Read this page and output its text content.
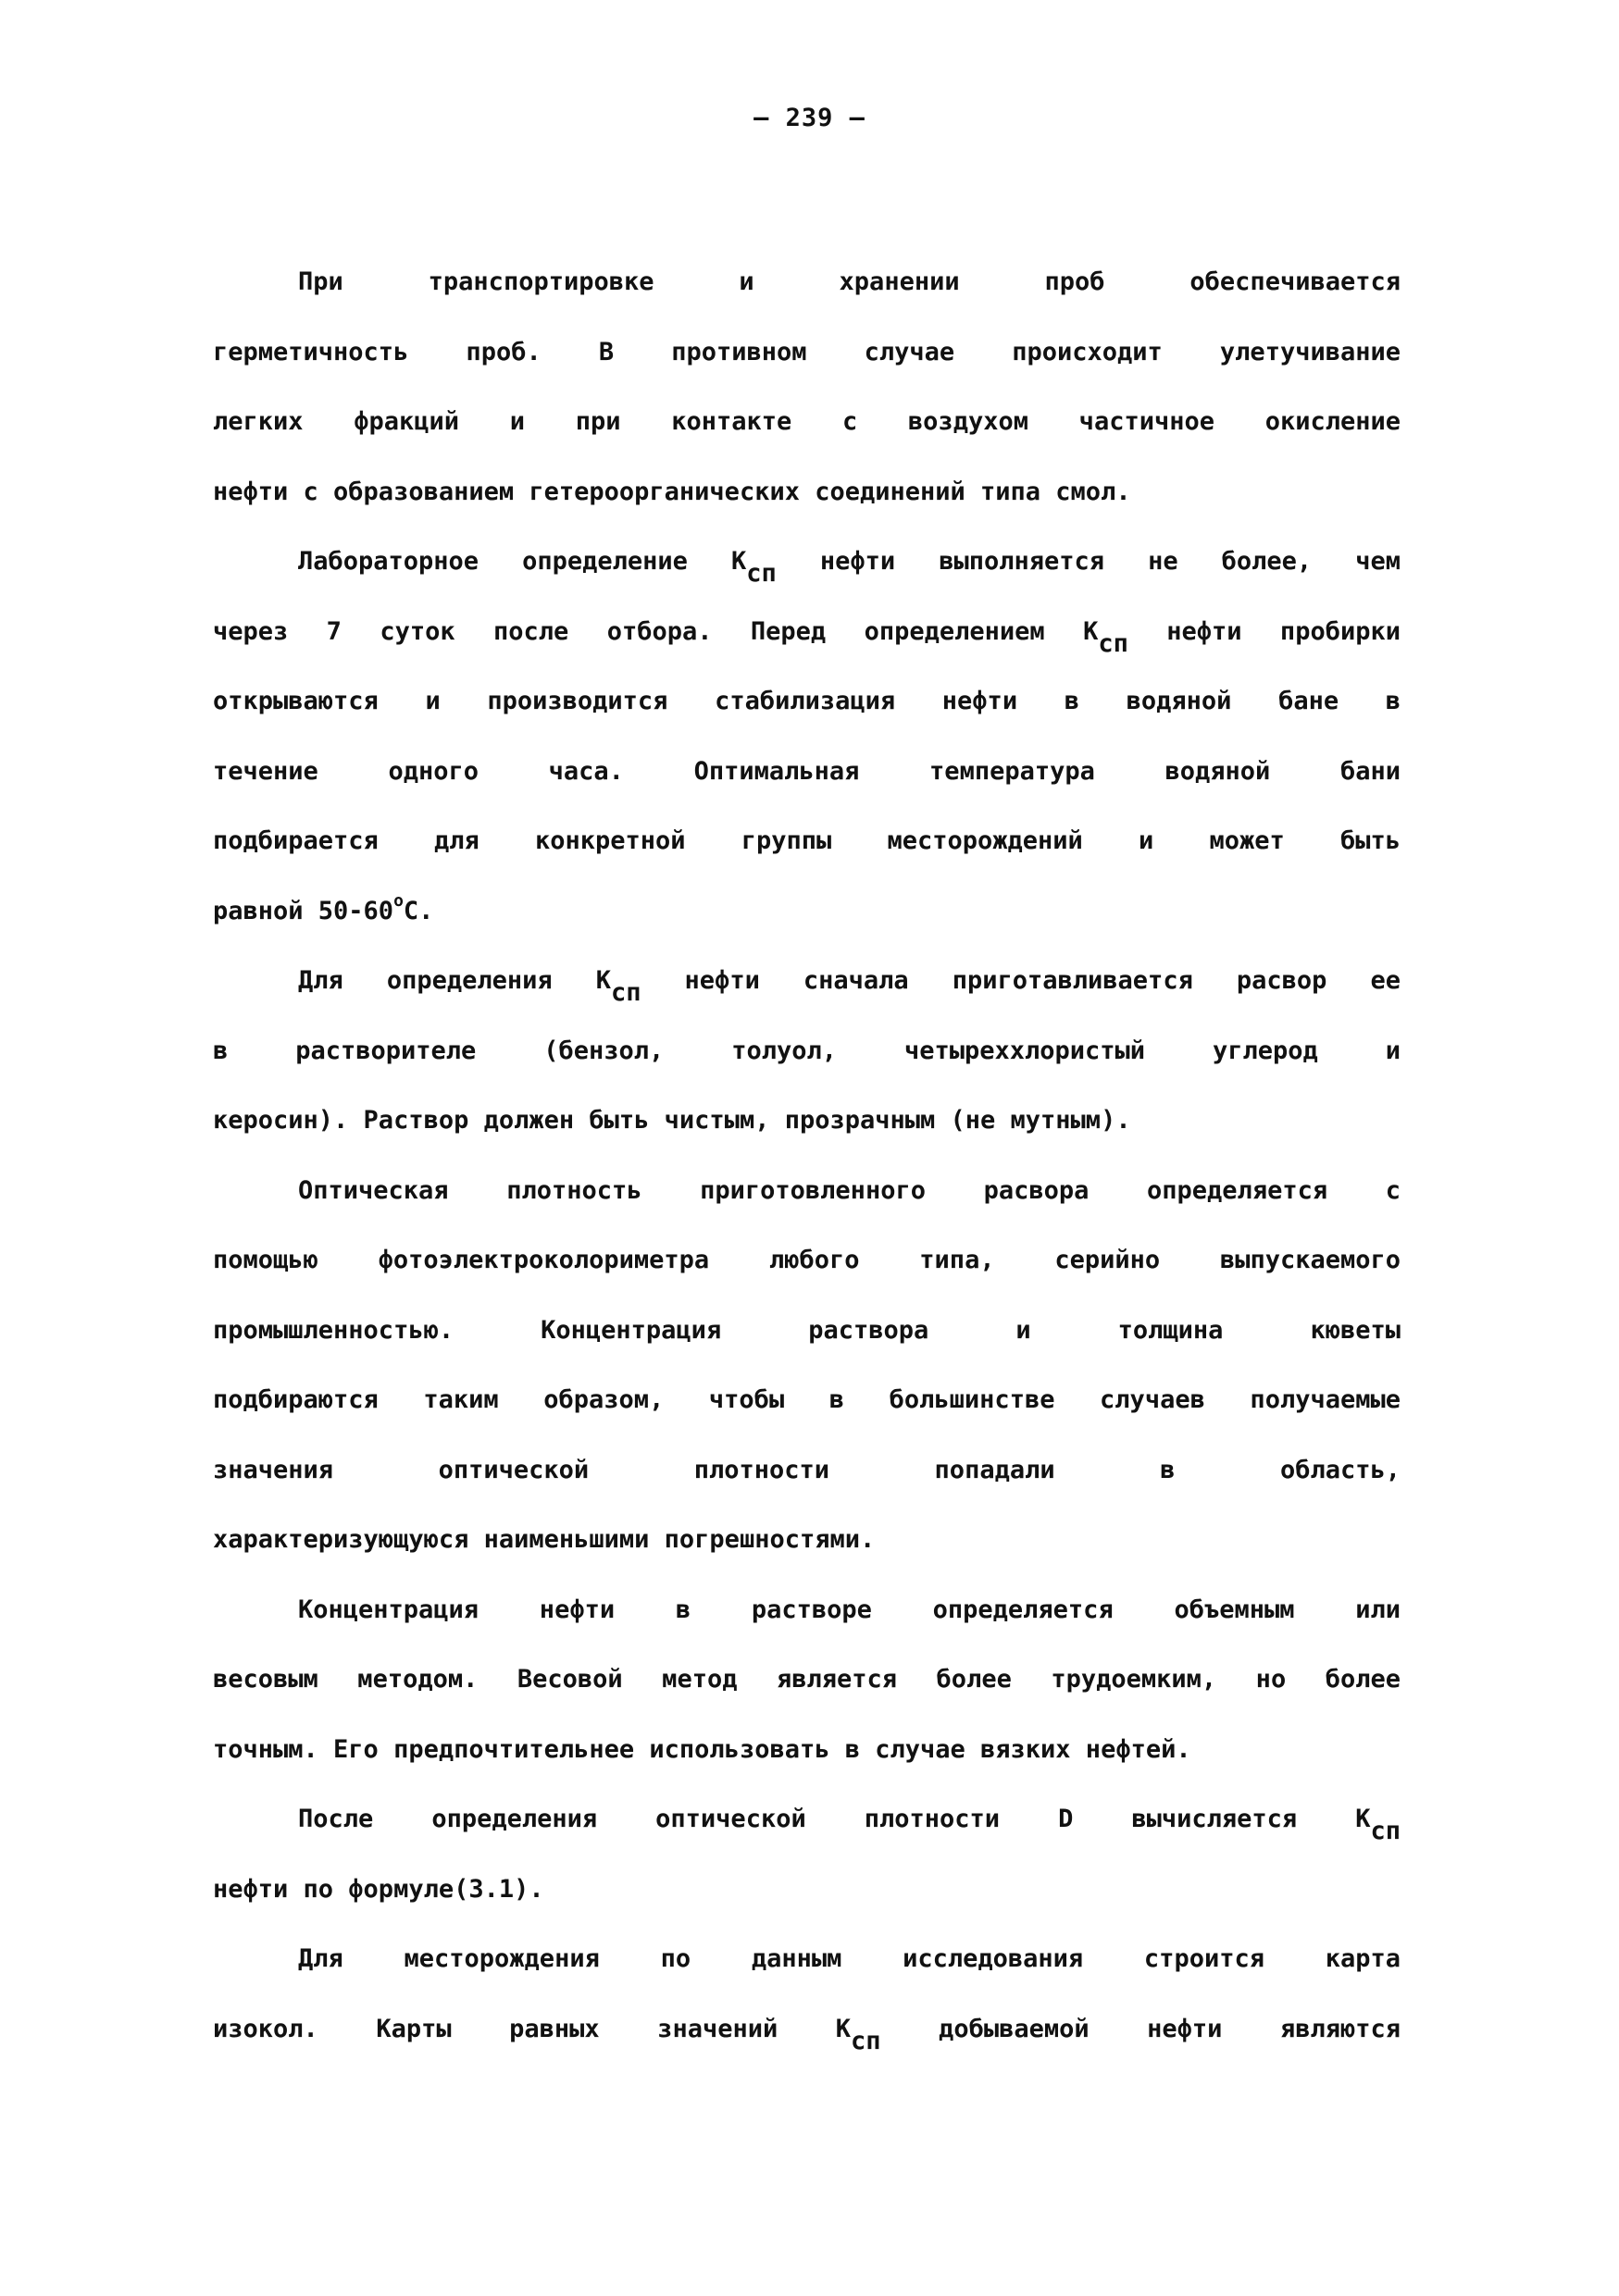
– 239 –
При транспортировке и хранении проб обеспечивается
герметичность проб. В противном случае происходит улетучивание
легких фракций и при контакте с воздухом частичное окисление
нефти с образованием гетероорганических соединений типа смол.
Лабораторное определение Ксп нефти выполняется не более, чем
через 7 суток после отбора. Перед определением Ксп нефти пробирки
открываются и производится стабилизация нефти в водяной бане в
течение одного часа. Оптимальная температура водяной бани
подбирается для конкретной группы месторождений и может быть
равной $50-60^оС$.
Для определения Ксп нефти сначала приготавливается расвор ее
в растворителе (бензол, толуол, четыреххлористый углерод и
керосин). Раствор должен быть чистым, прозрачным (не мутным).
Оптическая плотность приготовленного расвора определяется с
помощью фотоэлектроколориметра любого типа, серийно выпускаемого
промышленностью. Концентрация раствора и толщина кюветы
подбираются таким образом, чтобы в большинстве случаев получаемые
значения оптической плотности попадали в область,
характеризующуюся наименьшими погрешностями.
Концентрация нефти в растворе определяется объемным или
весовым методом. Весовой метод является более трудоемким, но более
точным. Его предпочтительнее использовать в случае вязких нефтей.
После определения оптической плотности D вычисляется Ксп
нефти по формуле(3.1).
Для месторождения по данным исследования строится карта
изокол. Карты равных значений Ксп добываемой нефти являются
